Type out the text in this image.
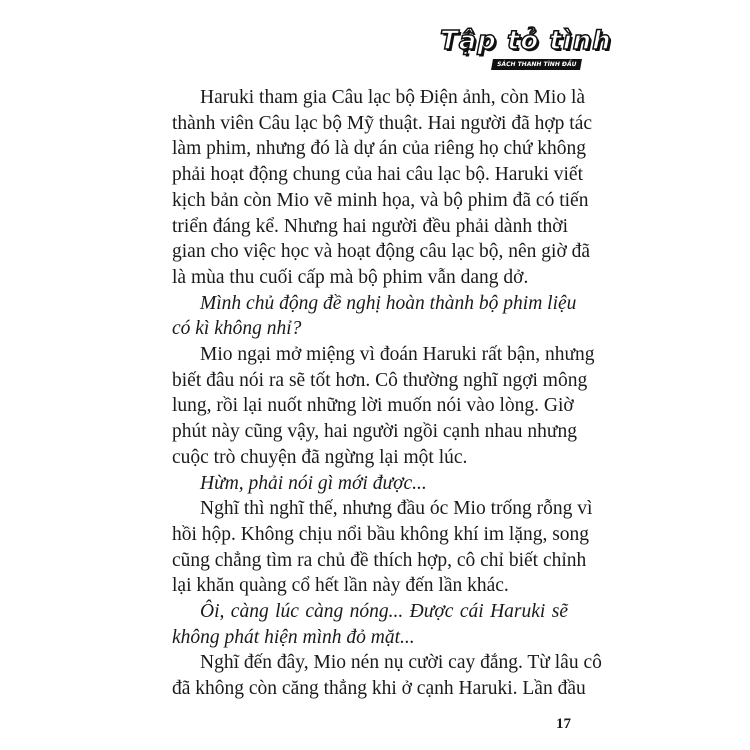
Tập tỏ tình
SÁCH THANH TÌNH ĐẦU

Haruki tham gia Câu lạc bộ Điện ảnh, còn Mio là
thành viên Câu lạc bộ Mỹ thuật. Hai người đã hợp tác
làm phim, nhưng đó là dự án của riêng họ chứ không
phải hoạt động chung của hai câu lạc bộ. Haruki viết
kịch bản còn Mio vẽ minh họa, và bộ phim đã có tiến
triển đáng kể. Nhưng hai người đều phải dành thời
gian cho việc học và hoạt động câu lạc bộ, nên giờ đã
là mùa thu cuối cấp mà bộ phim vẫn dang dở.

Mình chủ động đề nghị hoàn thành bộ phim liệu
có kì không nhỉ?

Mio ngại mở miệng vì đoán Haruki rất bận, nhưng
biết đâu nói ra sẽ tốt hơn. Cô thường nghĩ ngợi mông
lung, rồi lại nuốt những lời muốn nói vào lòng. Giờ
phút này cũng vậy, hai người ngồi cạnh nhau nhưng
cuộc trò chuyện đã ngừng lại một lúc.

Hừm, phải nói gì mới được...

Nghĩ thì nghĩ thế, nhưng đầu óc Mio trống rỗng vì
hồi hộp. Không chịu nổi bầu không khí im lặng, song
cũng chẳng tìm ra chủ đề thích hợp, cô chỉ biết chỉnh
lại khăn quàng cổ hết lần này đến lần khác.

Ôi, càng lúc càng nóng... Được cái Haruki sẽ
không phát hiện mình đỏ mặt...

Nghĩ đến đây, Mio nén nụ cười cay đắng. Từ lâu cô
đã không còn căng thẳng khi ở cạnh Haruki. Lần đầu

17
